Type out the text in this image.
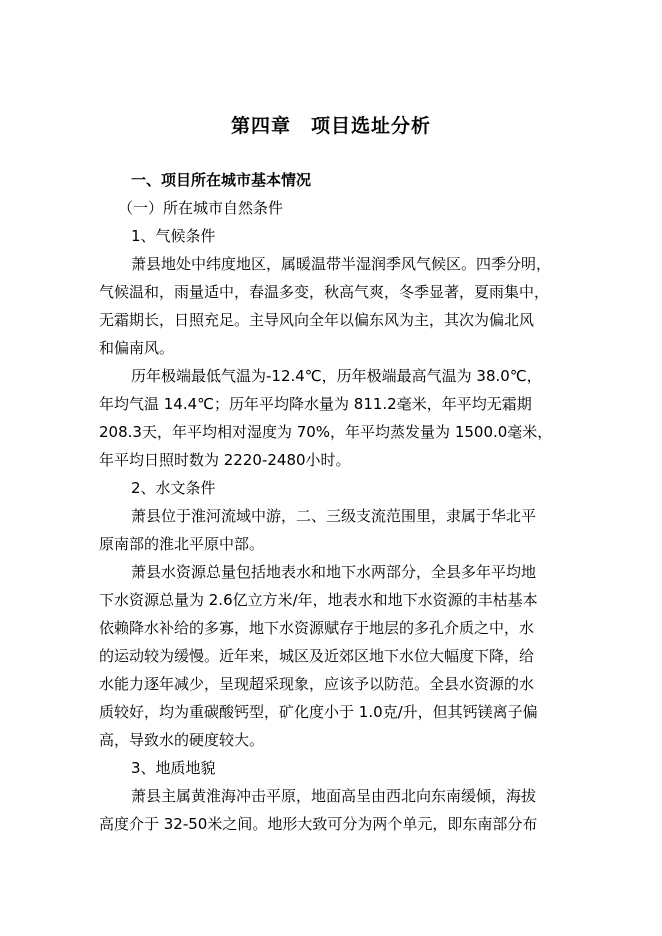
第四章　项目选址分析
一、项目所在城市基本情况
（一）所在城市自然条件
1、气候条件
萧县地处中纬度地区，属暖温带半湿润季风气候区。四季分明，
气候温和，雨量适中，春温多变，秋高气爽，冬季显著，夏雨集中，
无霜期长，日照充足。主导风向全年以偏东风为主，其次为偏北风
和偏南风。
历年极端最低气温为-12.4℃，历年极端最高气温为 38.0℃，
年均气温 14.4℃；历年平均降水量为 811.2毫米，年平均无霜期
208.3天，年平均相对湿度为 70%，年平均蒸发量为 1500.0毫米，
年平均日照时数为 2220-2480小时。
2、水文条件
萧县位于淮河流域中游，二、三级支流范围里，隶属于华北平
原南部的淮北平原中部。
萧县水资源总量包括地表水和地下水两部分，全县多年平均地
下水资源总量为 2.6亿立方米/年，地表水和地下水资源的丰枯基本
依赖降水补给的多寡，地下水资源赋存于地层的多孔介质之中，水
的运动较为缓慢。近年来，城区及近郊区地下水位大幅度下降，给
水能力逐年减少，呈现超采现象，应该予以防范。全县水资源的水
质较好，均为重碳酸钙型，矿化度小于 1.0克/升，但其钙镁离子偏
高，导致水的硬度较大。
3、地质地貌
萧县主属黄淮海冲击平原，地面高呈由西北向东南缓倾，海拔
高度介于 32-50米之间。地形大致可分为两个单元，即东南部分布
